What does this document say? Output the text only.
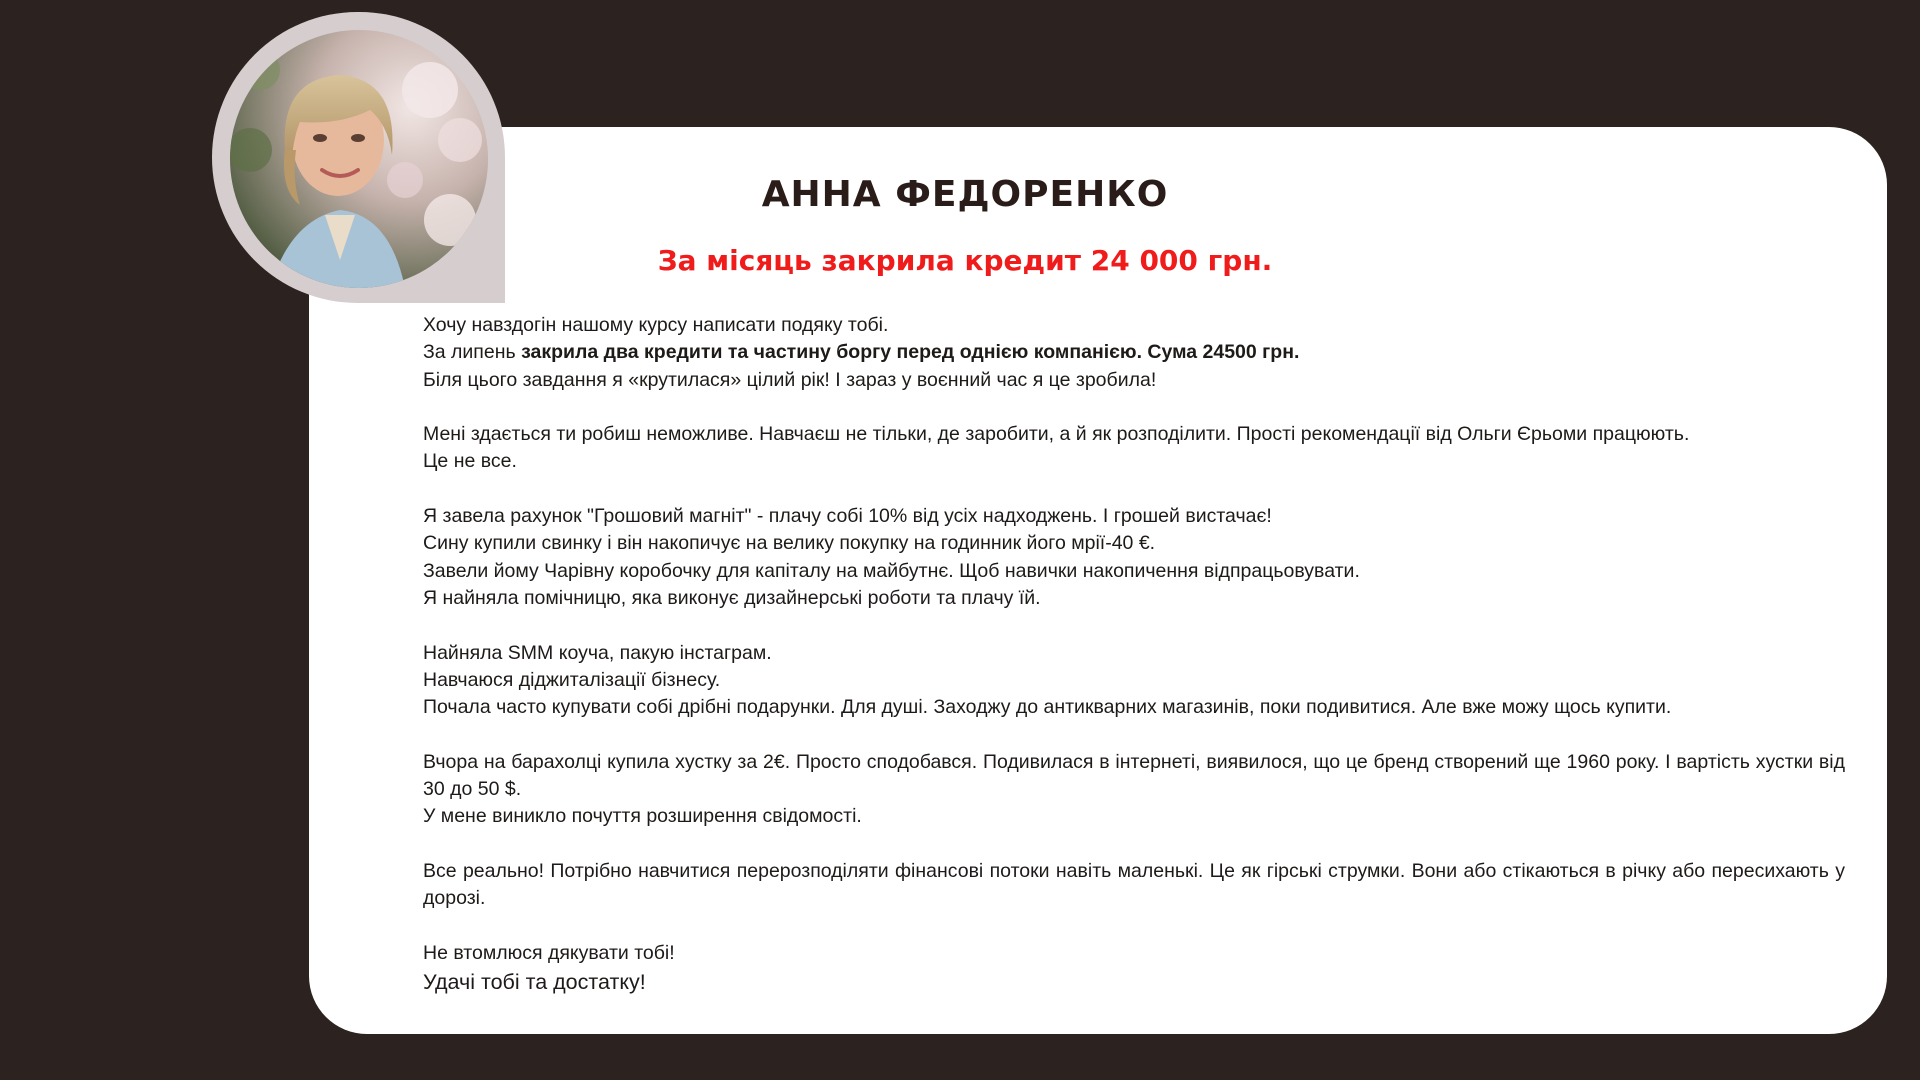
АННА ФЕДОРЕНКО
За місяць закрила кредит 24 000 грн.

Хочу навздогін нашому курсу написати подяку тобі.

За липень закрила два кредити та частину боргу перед однією компанією. Сума 24500 грн.

Біля цього завдання я «крутилася» цілий рік! І зараз у воєнний час я це зробила!

Мені здається ти робиш неможливе. Навчаєш не тільки, де заробити, а й як розподілити. Прості рекомендації від Ольги Єрьоми працюють.

Це не все.

Я завела рахунок "Грошовий магніт" - плачу собі 10% від усіх надходжень. І грошей вистачає!

Сину купили свинку і він накопичує на велику покупку на годинник його мрії-40 €.

Завели йому Чарівну коробочку для капіталу на майбутнє. Щоб навички накопичення відпрацьовувати.

Я найняла помічницю, яка виконує дизайнерські роботи та плачу їй.

Найняла SMM коуча, пакую інстаграм.

Навчаюся діджиталізації бізнесу.

Почала часто купувати собі дрібні подарунки. Для душі. Заходжу до антикварних магазинів, поки подивитися. Але вже можу щось купити.

Вчора на барахолці купила хустку за 2€. Просто сподобався. Подивилася в інтернеті, виявилося, що це бренд створений ще 1960 року. І вартість хустки від 30 до 50 $.

У мене виникло почуття розширення свідомості.

Все реально! Потрібно навчитися перерозподіляти фінансові потоки навіть маленькі. Це як гірські струмки. Вони або стікаються в річку або пересихають у дорозі.

Не втомлюся дякувати тобі!

Удачі тобі та достатку!
